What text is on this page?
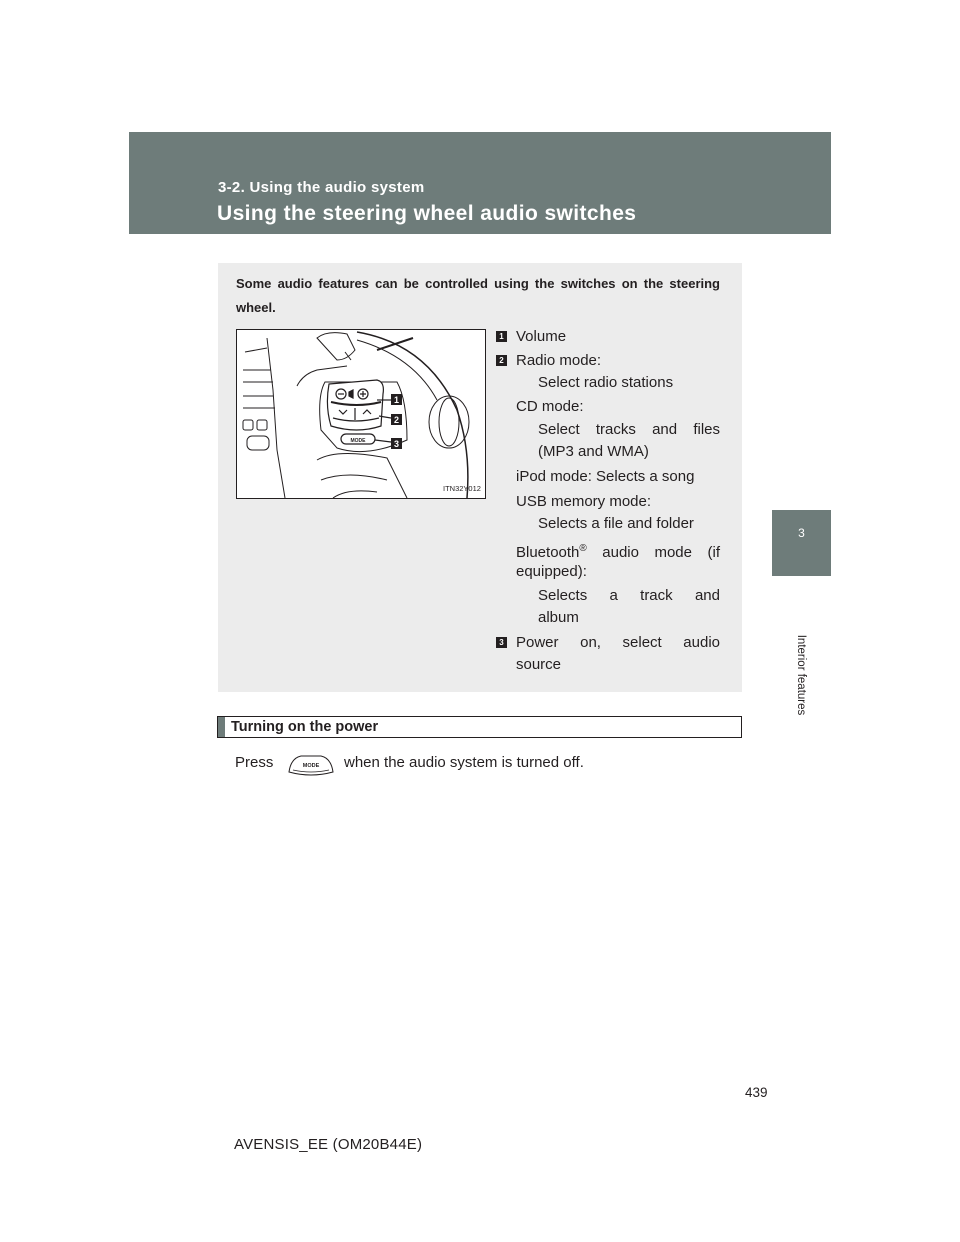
3-2. Using the audio system

Using the steering wheel audio switches
3
Interior features

Some audio features can be controlled using the switches on the steering wheel.

MODE
1
2
3
ITN32Y012
1 Volume

2 Radio mode:

Select radio stations

CD mode:

Select tracks and files

(MP3 and WMA)

iPod mode: Selects a song

USB memory mode:

Selects a file and folder

Bluetooth® audio mode (if

equipped):

Selects a track and

album

3 Power on, select audio

source

Turning on the power
Press	MODE when the audio system is turned off.
439
AVENSIS_EE (OM20B44E)
